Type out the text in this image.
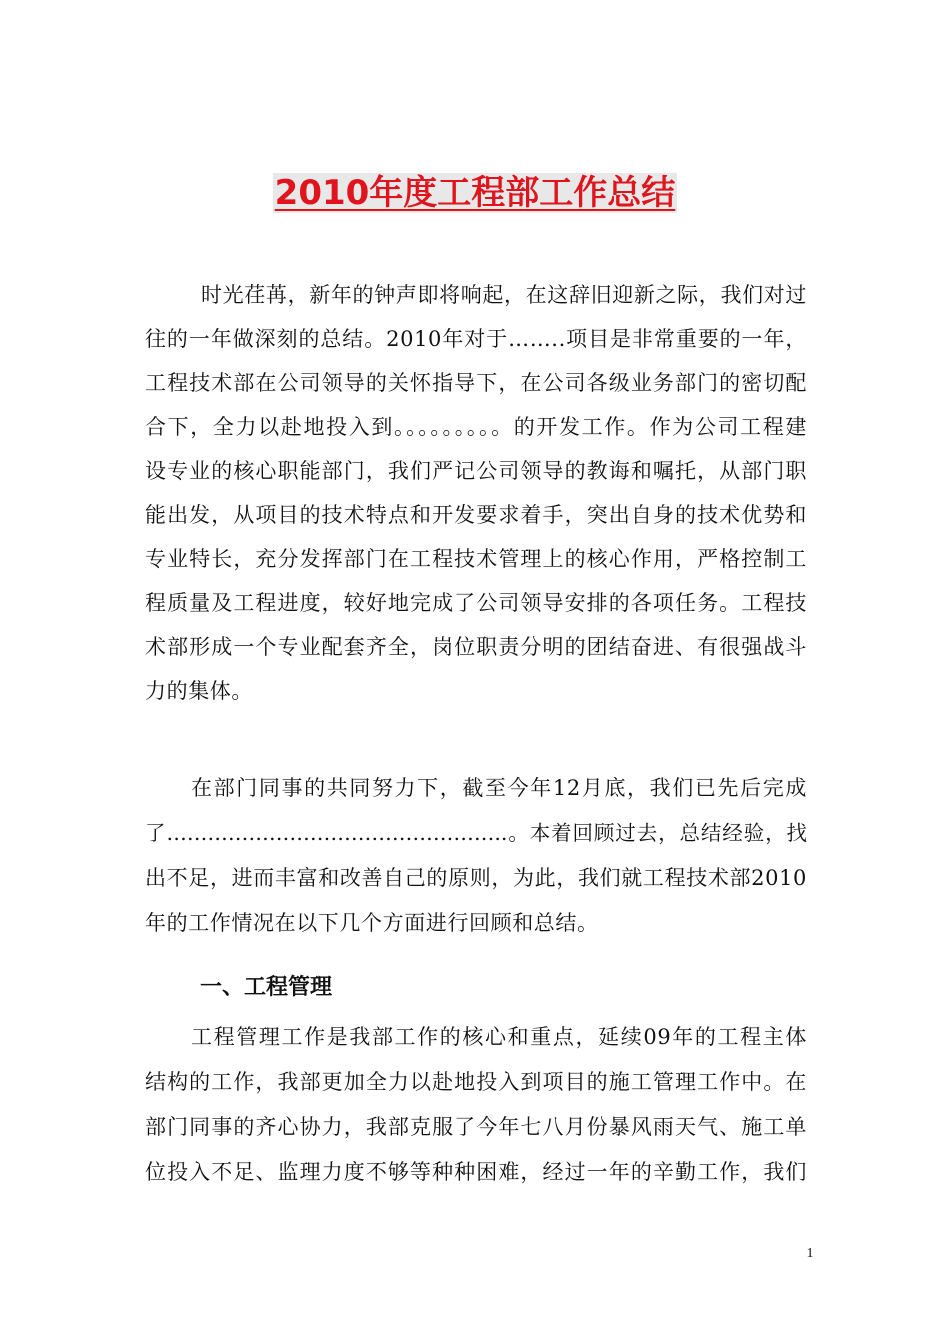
2010年度工程部工作总结
时光荏苒，新年的钟声即将响起，在这辞旧迎新之际，我们对过
往的一年做深刻的总结。2010年对于……..项目是非常重要的一年，
工程技术部在公司领导的关怀指导下，在公司各级业务部门的密切配
合下，全力以赴地投入到。。。。。。。。。的开发工作。作为公司工程建
设专业的核心职能部门，我们严记公司领导的教诲和嘱托，从部门职
能出发，从项目的技术特点和开发要求着手，突出自身的技术优势和
专业特长，充分发挥部门在工程技术管理上的核心作用，严格控制工
程质量及工程进度，较好地完成了公司领导安排的各项任务。工程技
术部形成一个专业配套齐全，岗位职责分明的团结奋进、有很强战斗
力的集体。
在部门同事的共同努力下，截至今年12月底，我们已先后完成
了…………………………………………..。本着回顾过去，总结经验，找
出不足，进而丰富和改善自己的原则，为此，我们就工程技术部2010
年的工作情况在以下几个方面进行回顾和总结。
一、工程管理
工程管理工作是我部工作的核心和重点，延续09年的工程主体
结构的工作，我部更加全力以赴地投入到项目的施工管理工作中。在
部门同事的齐心协力，我部克服了今年七八月份暴风雨天气、施工单
位投入不足、监理力度不够等种种困难，经过一年的辛勤工作，我们
1
